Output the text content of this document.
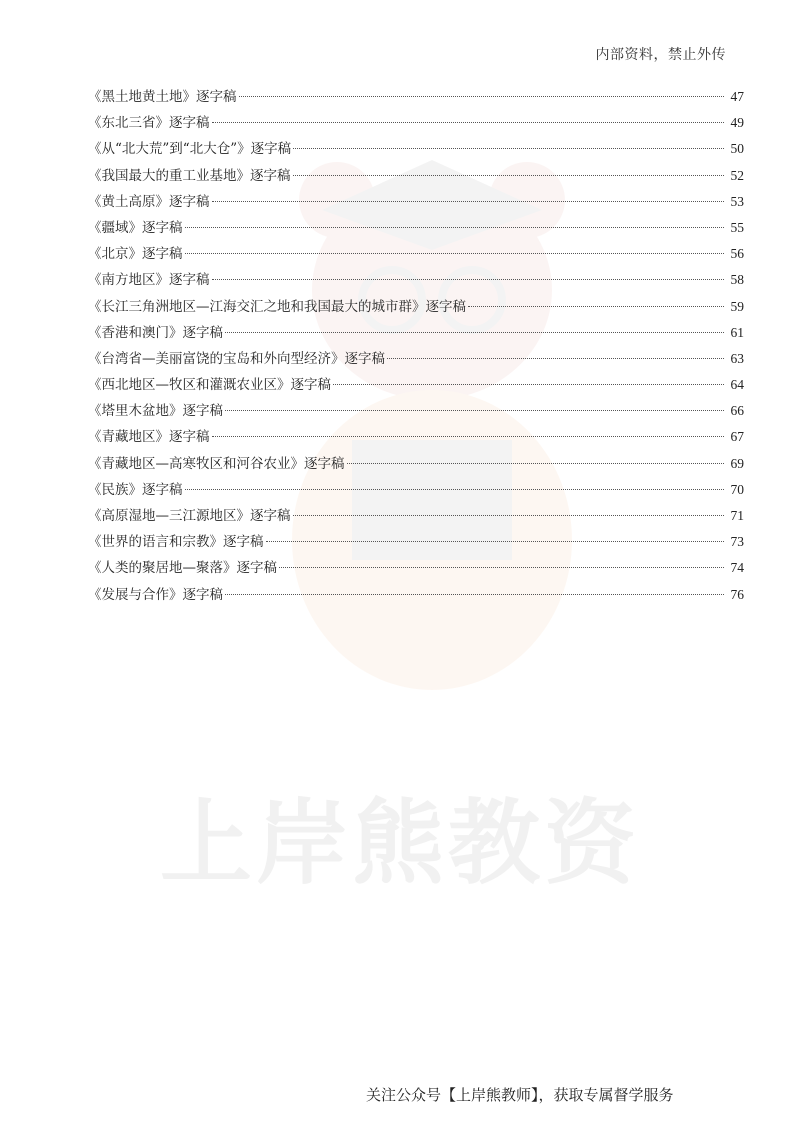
上岸熊教资
内部资料，禁止外传
《黑土地黄土地》逐字稿	47
《东北三省》逐字稿	49
《从“北大荒”到“北大仓”》逐字稿	50
《我国最大的重工业基地》逐字稿	52
《黄土高原》逐字稿	53
《疆域》逐字稿	55
《北京》逐字稿	56
《南方地区》逐字稿	58
《长江三角洲地区—江海交汇之地和我国最大的城市群》逐字稿	59
《香港和澳门》逐字稿	61
《台湾省—美丽富饶的宝岛和外向型经济》逐字稿	63
《西北地区—牧区和灌溉农业区》逐字稿	64
《塔里木盆地》逐字稿	66
《青藏地区》逐字稿	67
《青藏地区—高寒牧区和河谷农业》逐字稿	69
《民族》逐字稿	70
《高原湿地—三江源地区》逐字稿	71
《世界的语言和宗教》逐字稿	73
《人类的聚居地—聚落》逐字稿	74
《发展与合作》逐字稿	76
关注公众号【上岸熊教师】，获取专属督学服务
